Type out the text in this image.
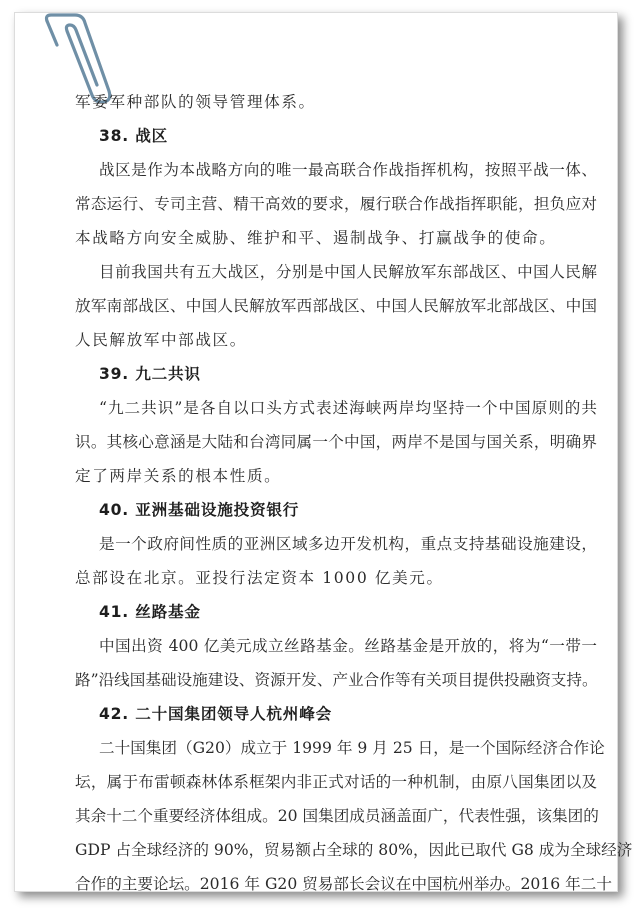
军委军种部队的领导管理体系。
38. 战区
战区是作为本战略方向的唯一最高联合作战指挥机构，按照平战一体、
常态运行、专司主营、精干高效的要求，履行联合作战指挥职能，担负应对
本战略方向安全威胁、维护和平、遏制战争、打赢战争的使命。
目前我国共有五大战区，分别是中国人民解放军东部战区、中国人民解
放军南部战区、中国人民解放军西部战区、中国人民解放军北部战区、中国
人民解放军中部战区。
39. 九二共识
“九二共识”是各自以口头方式表述海峡两岸均坚持一个中国原则的共
识。其核心意涵是大陆和台湾同属一个中国，两岸不是国与国关系，明确界
定了两岸关系的根本性质。
40. 亚洲基础设施投资银行
是一个政府间性质的亚洲区域多边开发机构，重点支持基础设施建设，
总部设在北京。亚投行法定资本 1000 亿美元。
41. 丝路基金
中国出资 400 亿美元成立丝路基金。丝路基金是开放的，将为“一带一
路”沿线国基础设施建设、资源开发、产业合作等有关项目提供投融资支持。
42. 二十国集团领导人杭州峰会
二十国集团（G20）成立于 1999 年 9 月 25 日，是一个国际经济合作论
坛，属于布雷顿森林体系框架内非正式对话的一种机制，由原八国集团以及
其余十二个重要经济体组成。20 国集团成员涵盖面广，代表性强，该集团的
GDP 占全球经济的 90%，贸易额占全球的 80%，因此已取代 G8 成为全球经济
合作的主要论坛。2016 年 G20 贸易部长会议在中国杭州举办。2016 年二十
